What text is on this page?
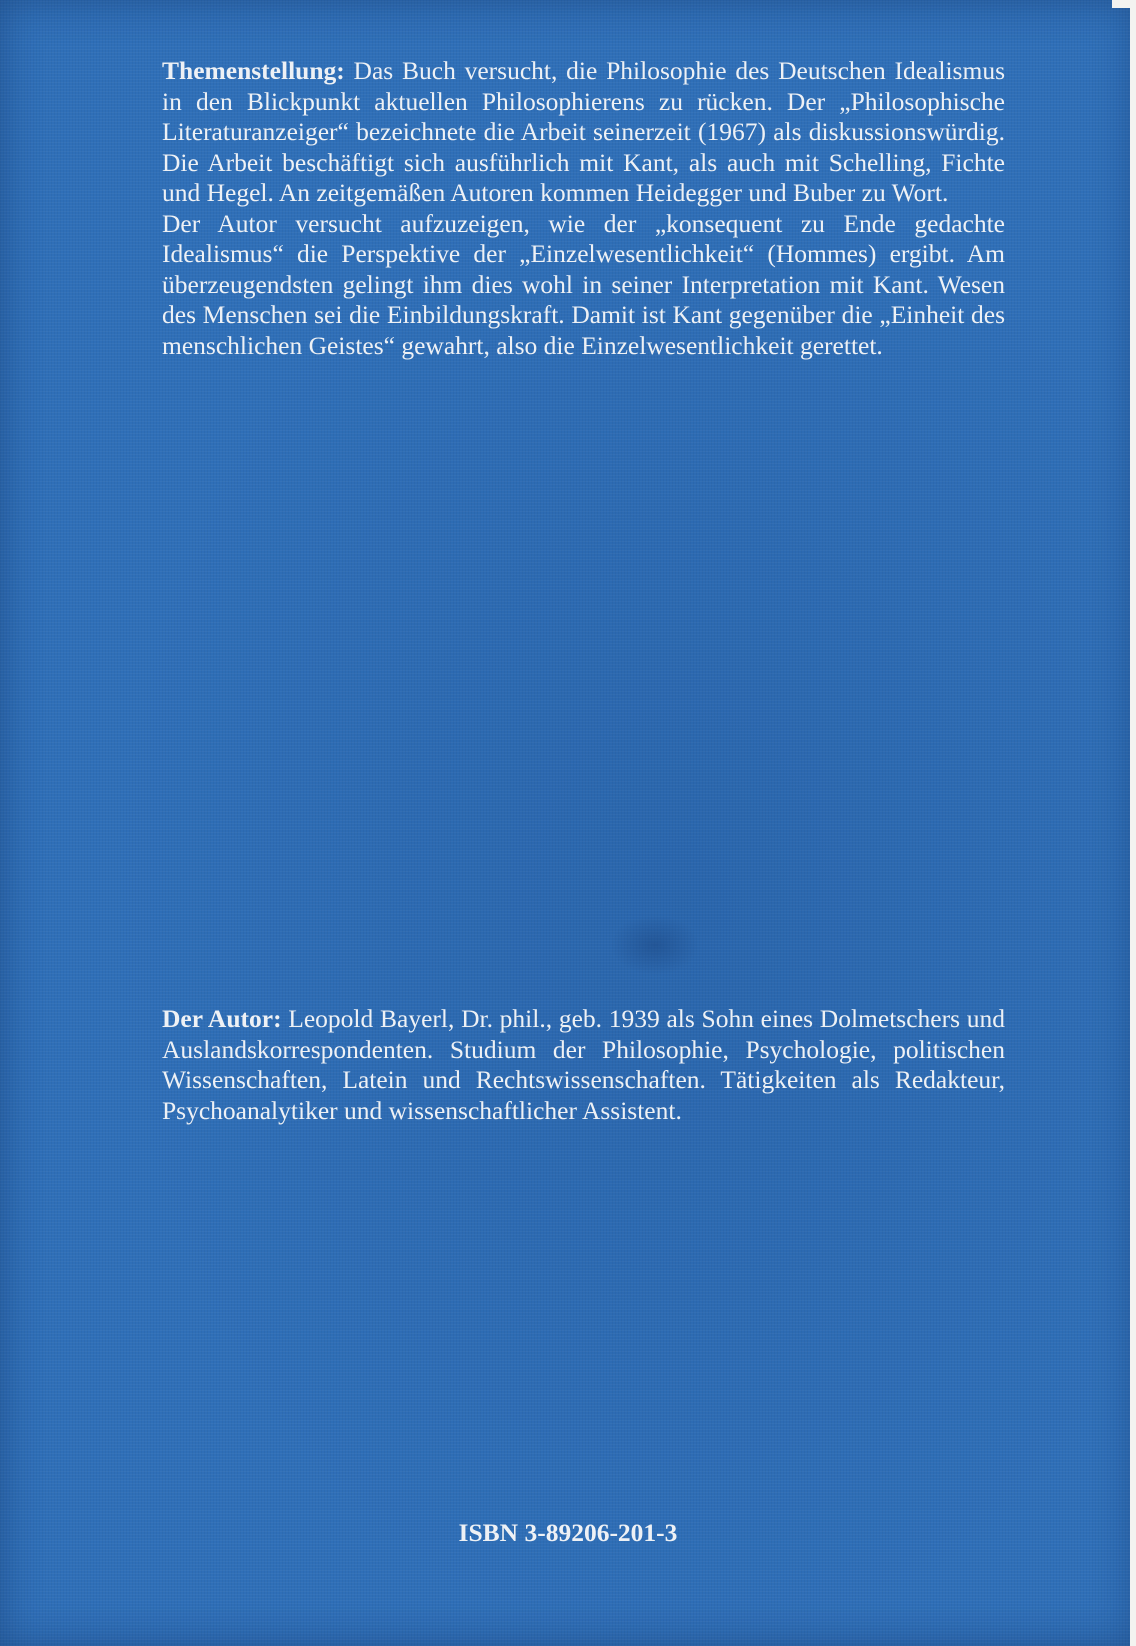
Themenstellung: Das Buch versucht, die Philosophie des Deutschen Idealismus in den Blickpunkt aktuellen Philosophierens zu rücken. Der „Philosophische Literaturanzeiger“ bezeichnete die Arbeit seinerzeit (1967) als diskussionswürdig. Die Arbeit beschäftigt sich ausführlich mit Kant, als auch mit Schelling, Fichte und Hegel. An zeitgemäßen Autoren kommen Heidegger und Buber zu Wort.

Der Autor versucht aufzuzeigen, wie der „konsequent zu Ende gedachte Idealismus“ die Perspektive der „Einzelwesentlichkeit“ (Hommes) ergibt. Am überzeugendsten gelingt ihm dies wohl in seiner Interpretation mit Kant. Wesen des Menschen sei die Einbildungskraft. Damit ist Kant gegenüber die „Einheit des menschlichen Geistes“ gewahrt, also die Einzelwesentlichkeit gerettet.

Der Autor: Leopold Bayerl, Dr. phil., geb. 1939 als Sohn eines Dolmetschers und Auslandskorrespondenten. Studium der Philosophie, Psychologie, politischen Wissenschaften, Latein und Rechtswissenschaften. Tätigkeiten als Redakteur, Psychoanalytiker und wissenschaftlicher Assistent.

ISBN 3-89206-201-3
